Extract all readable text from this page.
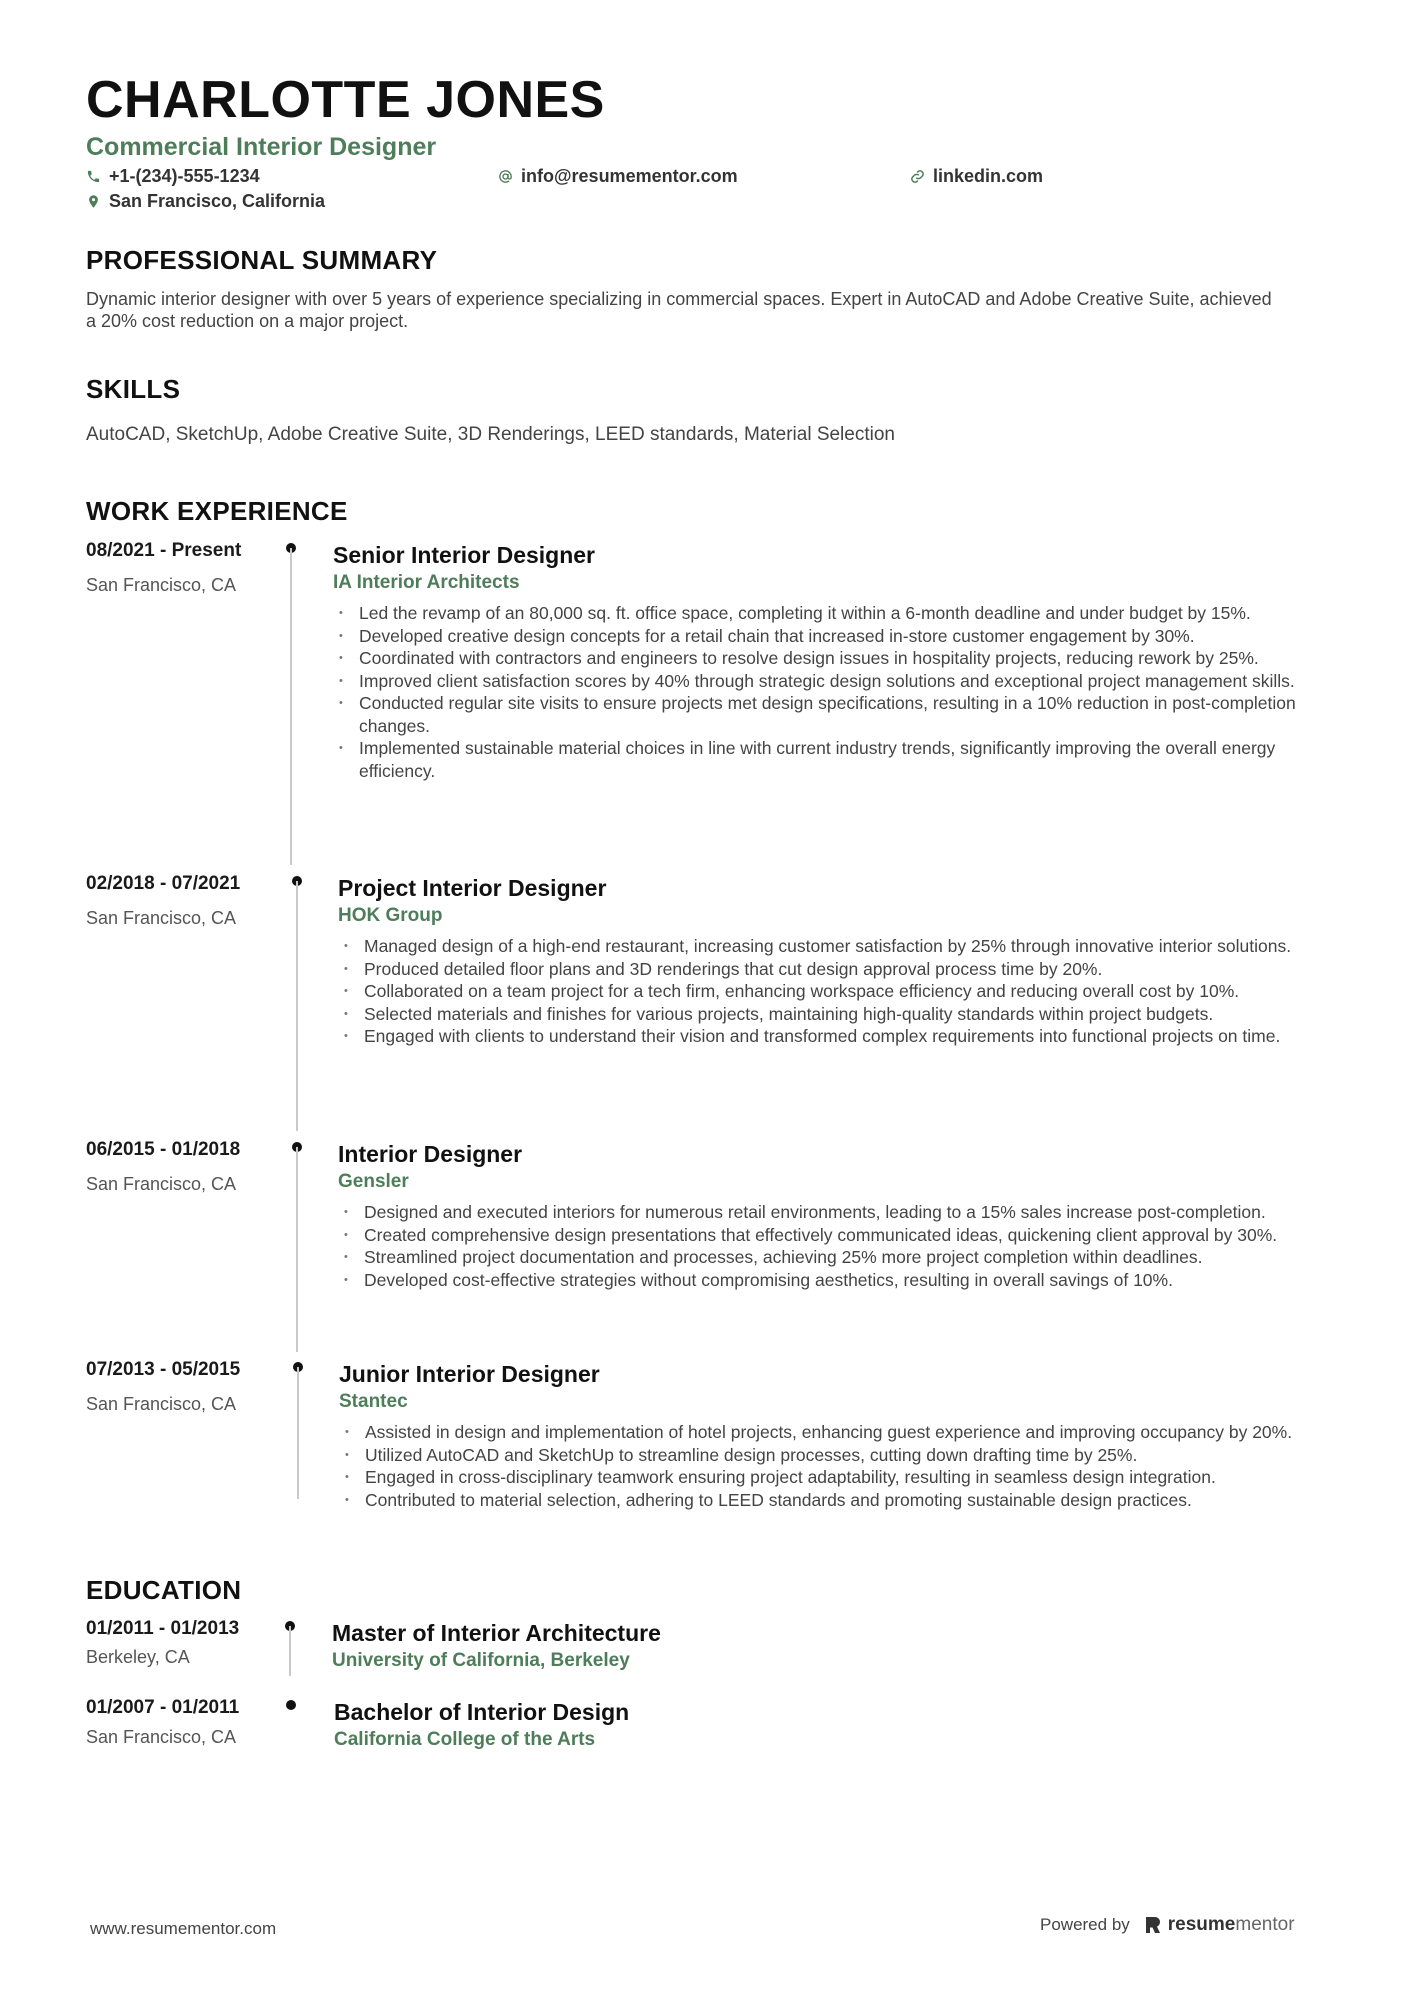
CHARLOTTE JONES
Commercial Interior Designer
+1-(234)-555-1234	info@resumementor.com	linkedin.com
San Francisco, California
PROFESSIONAL SUMMARY

Dynamic interior designer with over 5 years of experience specializing in commercial spaces. Expert in AutoCAD and Adobe Creative Suite, achieved a 20% cost reduction on a major project.

SKILLS

AutoCAD, SketchUp, Adobe Creative Suite, 3D Renderings, LEED standards, Material Selection

WORK EXPERIENCE
08/2021 - Present
San Francisco, CA
Senior Interior Designer
IA Interior Architects
• Led the revamp of an 80,000 sq. ft. office space, completing it within a 6-month deadline and under budget by 15%.
• Developed creative design concepts for a retail chain that increased in-store customer engagement by 30%.
• Coordinated with contractors and engineers to resolve design issues in hospitality projects, reducing rework by 25%.
• Improved client satisfaction scores by 40% through strategic design solutions and exceptional project management skills.
• Conducted regular site visits to ensure projects met design specifications, resulting in a 10% reduction in post-completion changes.
• Implemented sustainable material choices in line with current industry trends, significantly improving the overall energy efficiency.
02/2018 - 07/2021
San Francisco, CA
Project Interior Designer
HOK Group
• Managed design of a high-end restaurant, increasing customer satisfaction by 25% through innovative interior solutions.
• Produced detailed floor plans and 3D renderings that cut design approval process time by 20%.
• Collaborated on a team project for a tech firm, enhancing workspace efficiency and reducing overall cost by 10%.
• Selected materials and finishes for various projects, maintaining high-quality standards within project budgets.
• Engaged with clients to understand their vision and transformed complex requirements into functional projects on time.
06/2015 - 01/2018
San Francisco, CA
Interior Designer
Gensler
• Designed and executed interiors for numerous retail environments, leading to a 15% sales increase post-completion.
• Created comprehensive design presentations that effectively communicated ideas, quickening client approval by 30%.
• Streamlined project documentation and processes, achieving 25% more project completion within deadlines.
• Developed cost-effective strategies without compromising aesthetics, resulting in overall savings of 10%.
07/2013 - 05/2015
San Francisco, CA
Junior Interior Designer
Stantec
• Assisted in design and implementation of hotel projects, enhancing guest experience and improving occupancy by 20%.
• Utilized AutoCAD and SketchUp to streamline design processes, cutting down drafting time by 25%.
• Engaged in cross-disciplinary teamwork ensuring project adaptability, resulting in seamless design integration.
• Contributed to material selection, adhering to LEED standards and promoting sustainable design practices.
EDUCATION
01/2011 - 01/2013
Berkeley, CA
Master of Interior Architecture
University of California, Berkeley
01/2007 - 01/2011
San Francisco, CA
Bachelor of Interior Design
California College of the Arts
www.resumementor.com	Powered by resumementor
